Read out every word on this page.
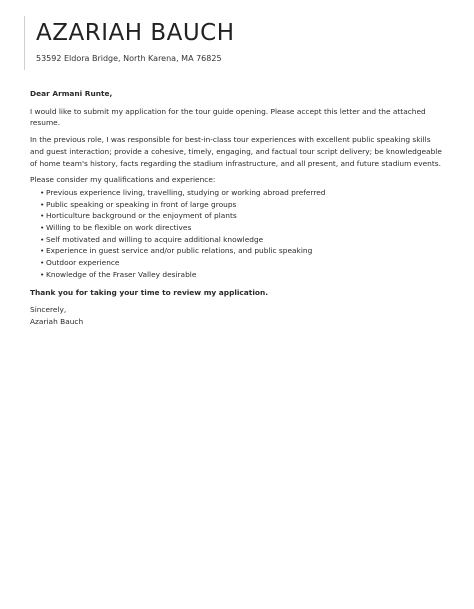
AZARIAH BAUCH
53592 Eldora Bridge, North Karena, MA 76825

Dear Armani Runte,

I would like to submit my application for the tour guide opening. Please accept this letter and the attached resume.

In the previous role, I was responsible for best-in-class tour experiences with excellent public speaking skills and guest interaction; provide a cohesive, timely, engaging, and factual tour script delivery; be knowledgeable of home team's history, facts regarding the stadium infrastructure, and all present, and future stadium events.

Please consider my qualifications and experience:

• Previous experience living, travelling, studying or working abroad preferred
• Public speaking or speaking in front of large groups
• Horticulture background or the enjoyment of plants
• Willing to be flexible on work directives
• Self motivated and willing to acquire additional knowledge
• Experience in guest service and/or public relations, and public speaking
• Outdoor experience
• Knowledge of the Fraser Valley desirable

Thank you for taking your time to review my application.

Sincerely,

Azariah Bauch
